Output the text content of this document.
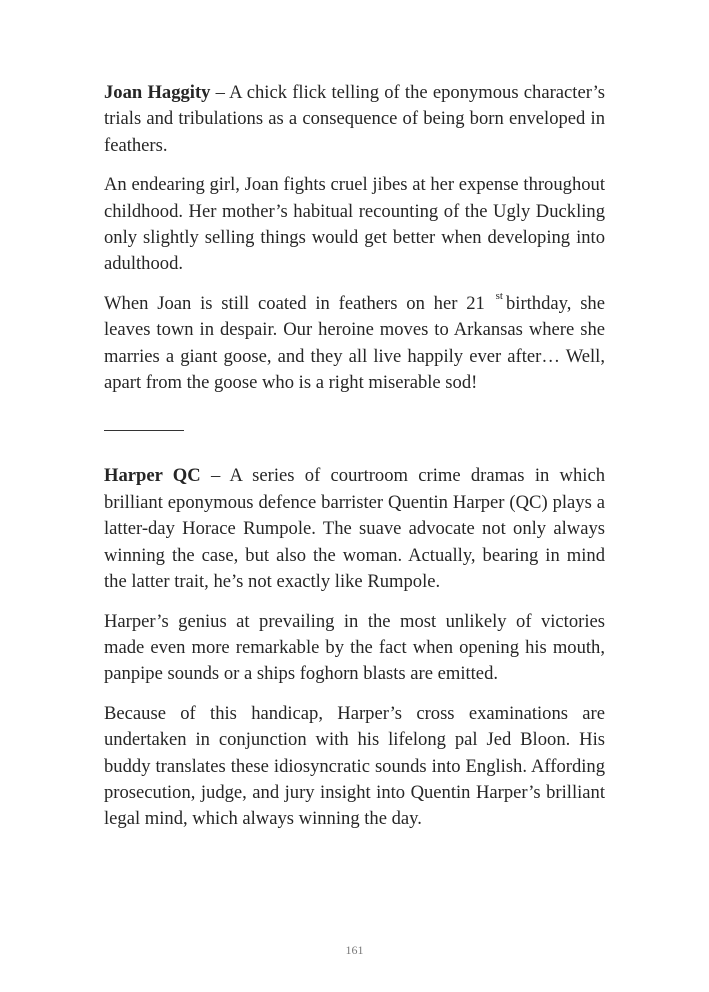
Joan Haggity – A chick flick telling of the eponymous character’s trials and tribulations as a consequence of being born enveloped in feathers.

An endearing girl, Joan fights cruel jibes at her expense throughout childhood. Her mother’s habitual recounting of the Ugly Duckling only slightly selling things would get better when developing into adulthood.

When Joan is still coated in feathers on her 21 $^{st}$ birthday, she leaves town in despair. Our heroine moves to Arkansas where she marries a giant goose, and they all live happily ever after… Well, apart from the goose who is a right miserable sod!

Harper QC – A series of courtroom crime dramas in which brilliant eponymous defence barrister Quentin Harper (QC) plays a latter-day Horace Rumpole. The suave advocate not only always winning the case, but also the woman. Actually, bearing in mind the latter trait, he’s not exactly like Rumpole.

Harper’s genius at prevailing in the most unlikely of victories made even more remarkable by the fact when opening his mouth, panpipe sounds or a ships foghorn blasts are emitted.

Because of this handicap, Harper’s cross examinations are undertaken in conjunction with his lifelong pal Jed Bloon. His buddy translates these idiosyncratic sounds into English. Affording prosecution, judge, and jury insight into Quentin Harper’s brilliant legal mind, which always winning the day.

161
